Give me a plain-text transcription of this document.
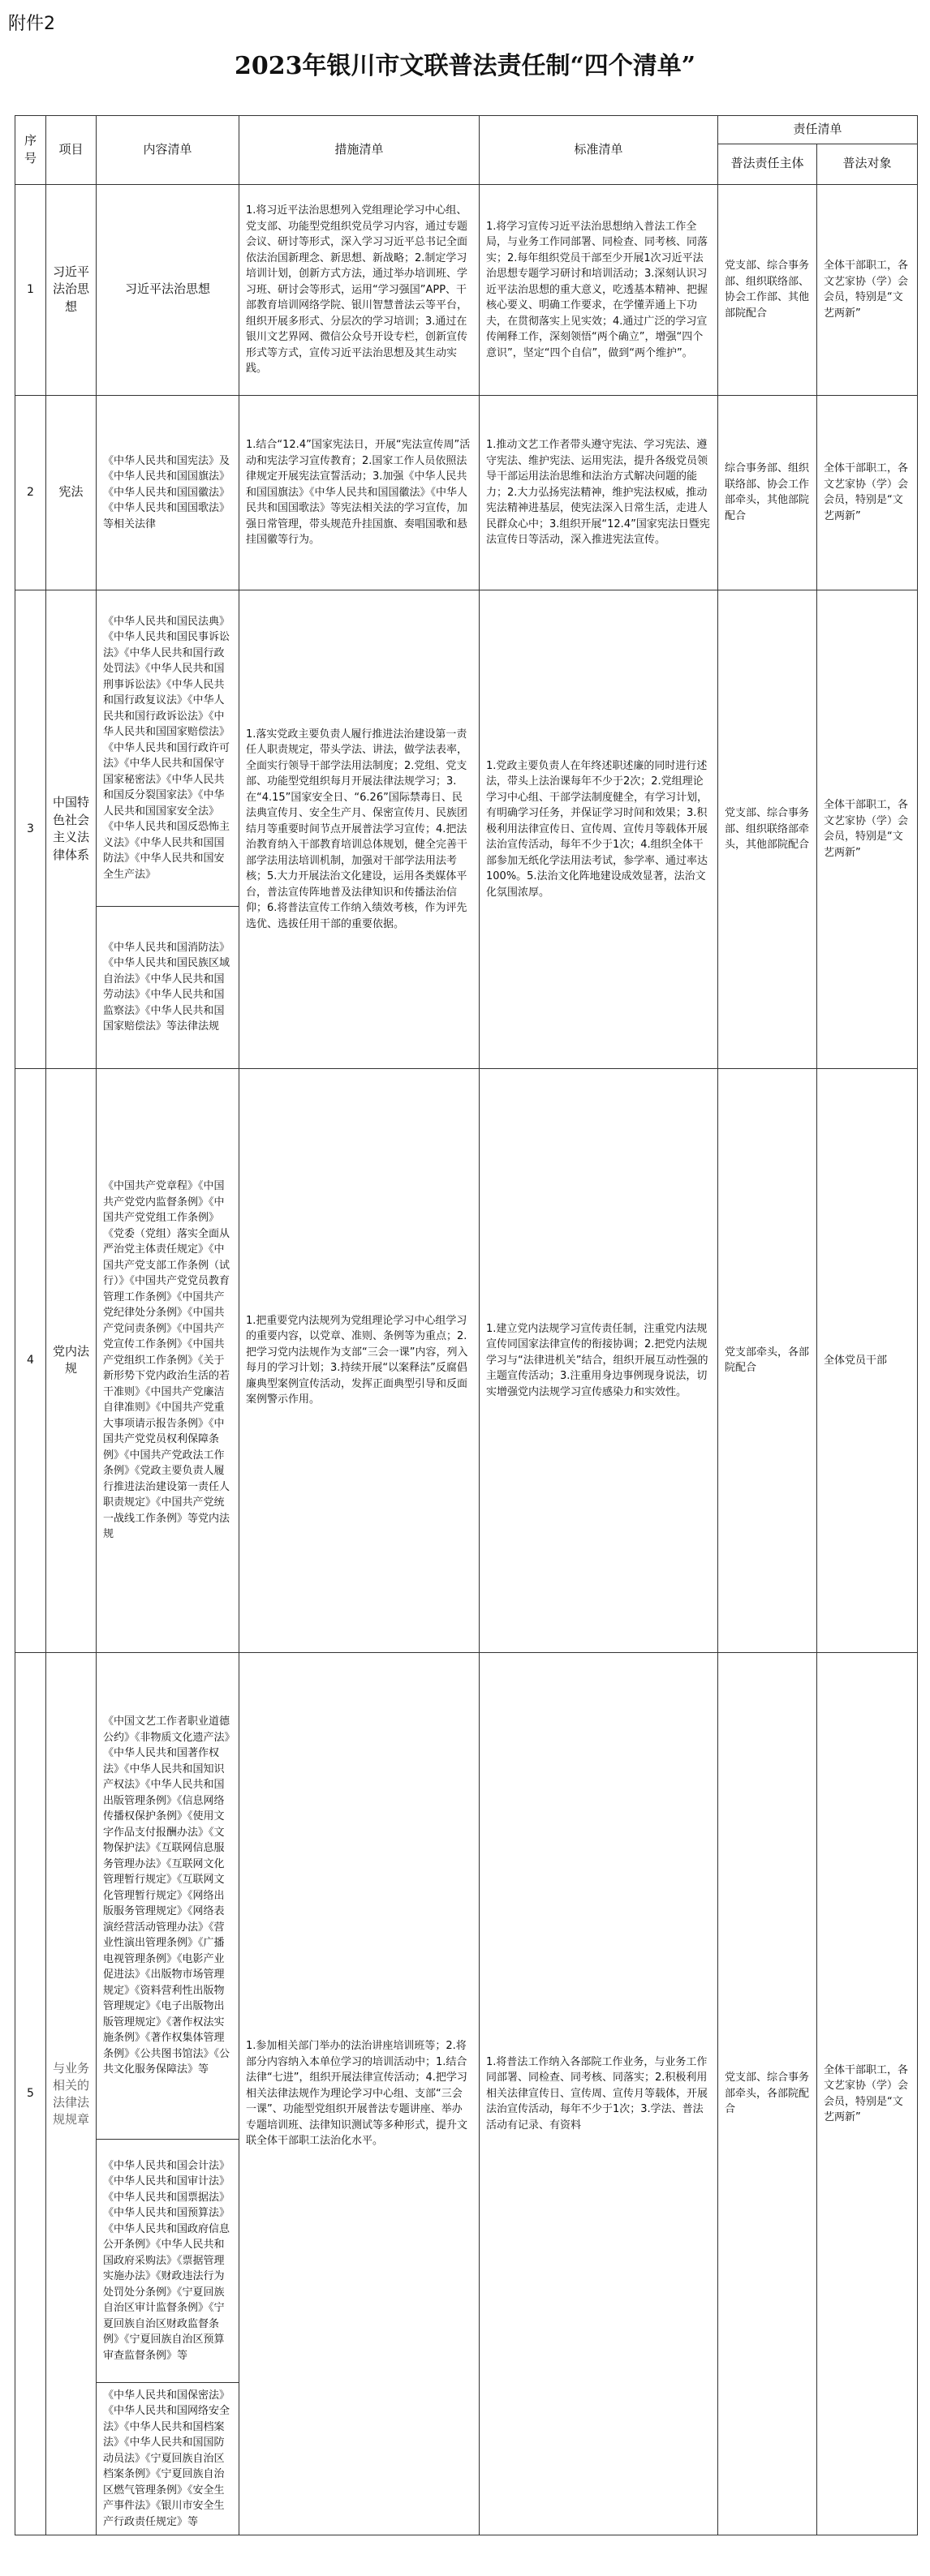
附件2
2023年银川市文联普法责任制“四个清单”
序号	项目	内容清单	措施清单	标准清单	责任清单	
					普法责任主体	普法对象
1	习近平法治思想	习近平法治思想	1.将习近平法治思想列入党组理论学习中心组、党支部、功能型党组织党员学习内容，通过专题会议、研讨等形式，深入学习习近平总书记全面依法治国新理念、新思想、新战略；2.制定学习培训计划，创新方式方法，通过举办培训班、学习班、研讨会等形式，运用“学习强国”APP、干部教育培训网络学院、银川智慧普法云等平台，组织开展多形式、分层次的学习培训；3.通过在银川文艺界网、微信公众号开设专栏，创新宣传形式等方式，宣传习近平法治思想及其生动实践。	1.将学习宣传习近平法治思想纳入普法工作全局，与业务工作同部署、同检查、同考核、同落实；2.每年组织党员干部至少开展1次习近平法治思想专题学习研讨和培训活动；3.深刻认识习近平法治思想的重大意义，吃透基本精神、把握核心要义、明确工作要求，在学懂弄通上下功夫，在贯彻落实上见实效；4.通过广泛的学习宣传阐释工作，深刻领悟“两个确立”，增强“四个意识”，坚定“四个自信”，做到“两个维护”。	党支部、综合事务部、组织联络部、协会工作部、其他部院配合	全体干部职工，各文艺家协（学）会会员，特别是“文艺两新”
2	宪法	《中华人民共和国宪法》及《中华人民共和国国旗法》《中华人民共和国国徽法》《中华人民共和国国歌法》等相关法律	1.结合“12.4”国家宪法日，开展“宪法宣传周”活动和宪法学习宣传教育；2.国家工作人员依照法律规定开展宪法宣誓活动；3.加强《中华人民共和国国旗法》《中华人民共和国国徽法》《中华人民共和国国歌法》等宪法相关法的学习宣传，加强日常管理，带头规范升挂国旗、奏唱国歌和悬挂国徽等行为。	1.推动文艺工作者带头遵守宪法、学习宪法、遵守宪法、维护宪法、运用宪法，提升各级党员领导干部运用法治思维和法治方式解决问题的能力；2.大力弘扬宪法精神，维护宪法权威，推动宪法精神进基层，使宪法深入日常生活，走进人民群众心中；3.组织开展“12.4”国家宪法日暨宪法宣传日等活动，深入推进宪法宣传。	综合事务部、组织联络部、协会工作部牵头，其他部院配合	全体干部职工，各文艺家协（学）会会员，特别是“文艺两新”
3	中国特色社会主义法律体系	《中华人民共和国民法典》《中华人民共和国民事诉讼法》《中华人民共和国行政处罚法》《中华人民共和国刑事诉讼法》《中华人民共和国行政复议法》《中华人民共和国行政诉讼法》《中华人民共和国国家赔偿法》《中华人民共和国行政许可法》《中华人民共和国保守国家秘密法》《中华人民共和国反分裂国家法》《中华人民共和国国家安全法》《中华人民共和国反恐怖主义法》《中华人民共和国国防法》《中华人民共和国安全生产法》	1.落实党政主要负责人履行推进法治建设第一责任人职责规定，带头学法、讲法，做学法表率，全面实行领导干部学法用法制度；2.党组、党支部、功能型党组织每月开展法律法规学习；3.在“4.15”国家安全日、“6.26”国际禁毒日、民法典宣传月、安全生产月、保密宣传月、民族团结月等重要时间节点开展普法学习宣传；4.把法治教育纳入干部教育培训总体规划，健全完善干部学法用法培训机制，加强对干部学法用法考核；5.大力开展法治文化建设，运用各类媒体平台，普法宣传阵地普及法律知识和传播法治信仰；6.将普法宣传工作纳入绩效考核，作为评先选优、选拔任用干部的重要依据。	1.党政主要负责人在年终述职述廉的同时进行述法，带头上法治课每年不少于2次；2.党组理论学习中心组、干部学法制度健全，有学习计划，有明确学习任务，并保证学习时间和效果；3.积极利用法律宣传日、宣传周、宣传月等载体开展法治宣传活动，每年不少于1次；4.组织全体干部参加无纸化学法用法考试，参学率、通过率达100%。5.法治文化阵地建设成效显著，法治文化氛围浓厚。	党支部、综合事务部、组织联络部牵头，其他部院配合	全体干部职工，各文艺家协（学）会会员，特别是“文艺两新”
		《中华人民共和国消防法》《中华人民共和国民族区域自治法》《中华人民共和国劳动法》《中华人民共和国监察法》《中华人民共和国国家赔偿法》等法律法规				
4	党内法规	《中国共产党章程》《中国共产党党内监督条例》《中国共产党党组工作条例》《党委（党组）落实全面从严治党主体责任规定》《中国共产党支部工作条例（试行）》《中国共产党党员教育管理工作条例》《中国共产党纪律处分条例》《中国共产党问责条例》《中国共产党宣传工作条例》《中国共产党组织工作条例》《关于新形势下党内政治生活的若干准则》《中国共产党廉洁自律准则》《中国共产党重大事项请示报告条例》《中国共产党党员权利保障条例》《中国共产党政法工作条例》《党政主要负责人履行推进法治建设第一责任人职责规定》《中国共产党统一战线工作条例》等党内法规	1.把重要党内法规列为党组理论学习中心组学习的重要内容，以党章、准则、条例等为重点；2.把学习党内法规作为支部“三会一课”内容，列入每月的学习计划；3.持续开展“以案释法”反腐倡廉典型案例宣传活动，发挥正面典型引导和反面案例警示作用。	1.建立党内法规学习宣传责任制，注重党内法规宣传同国家法律宣传的衔接协调；2.把党内法规学习与“法律进机关”结合，组织开展互动性强的主题宣传活动；3.注重用身边事例现身说法，切实增强党内法规学习宣传感染力和实效性。	党支部牵头，各部院配合	全体党员干部
5	与业务相关的法律法规规章	《中国文艺工作者职业道德公约》《非物质文化遗产法》《中华人民共和国著作权法》《中华人民共和国知识产权法》《中华人民共和国出版管理条例》《信息网络传播权保护条例》《使用文字作品支付报酬办法》《文物保护法》《互联网信息服务管理办法》《互联网文化管理暂行规定》《互联网文化管理暂行规定》《网络出版服务管理规定》《网络表演经营活动管理办法》《营业性演出管理条例》《广播电视管理条例》《电影产业促进法》《出版物市场管理规定》《资料营利性出版物管理规定》《电子出版物出版管理规定》《著作权法实施条例》《著作权集体管理条例》《公共图书馆法》《公共文化服务保障法》等	1.参加相关部门举办的法治讲座培训班等；2.将部分内容纳入本单位学习的培训活动中；1.结合法律“七进”，组织开展法律宣传活动；4.把学习相关法律法规作为理论学习中心组、支部“三会一课”、功能型党组织开展普法专题讲座、举办专题培训班、法律知识测试等多种形式，提升文联全体干部职工法治化水平。	1.将普法工作纳入各部院工作业务，与业务工作同部署、同检查、同考核、同落实；2.积极利用相关法律宣传日、宣传周、宣传月等载体，开展法治宣传活动，每年不少于1次；3.学法、普法活动有记录、有资料	党支部、综合事务部牵头，各部院配合	全体干部职工，各文艺家协（学）会会员，特别是“文艺两新”
		《中华人民共和国会计法》《中华人民共和国审计法》《中华人民共和国票据法》《中华人民共和国预算法》《中华人民共和国政府信息公开条例》《中华人民共和国政府采购法》《票据管理实施办法》《财政违法行为处罚处分条例》《宁夏回族自治区审计监督条例》《宁夏回族自治区财政监督条例》《宁夏回族自治区预算审查监督条例》等				
		《中华人民共和国保密法》《中华人民共和国网络安全法》《中华人民共和国档案法》《中华人民共和国国防动员法》《宁夏回族自治区档案条例》《宁夏回族自治区燃气管理条例》《安全生产事件法》《银川市安全生产行政责任规定》等				
